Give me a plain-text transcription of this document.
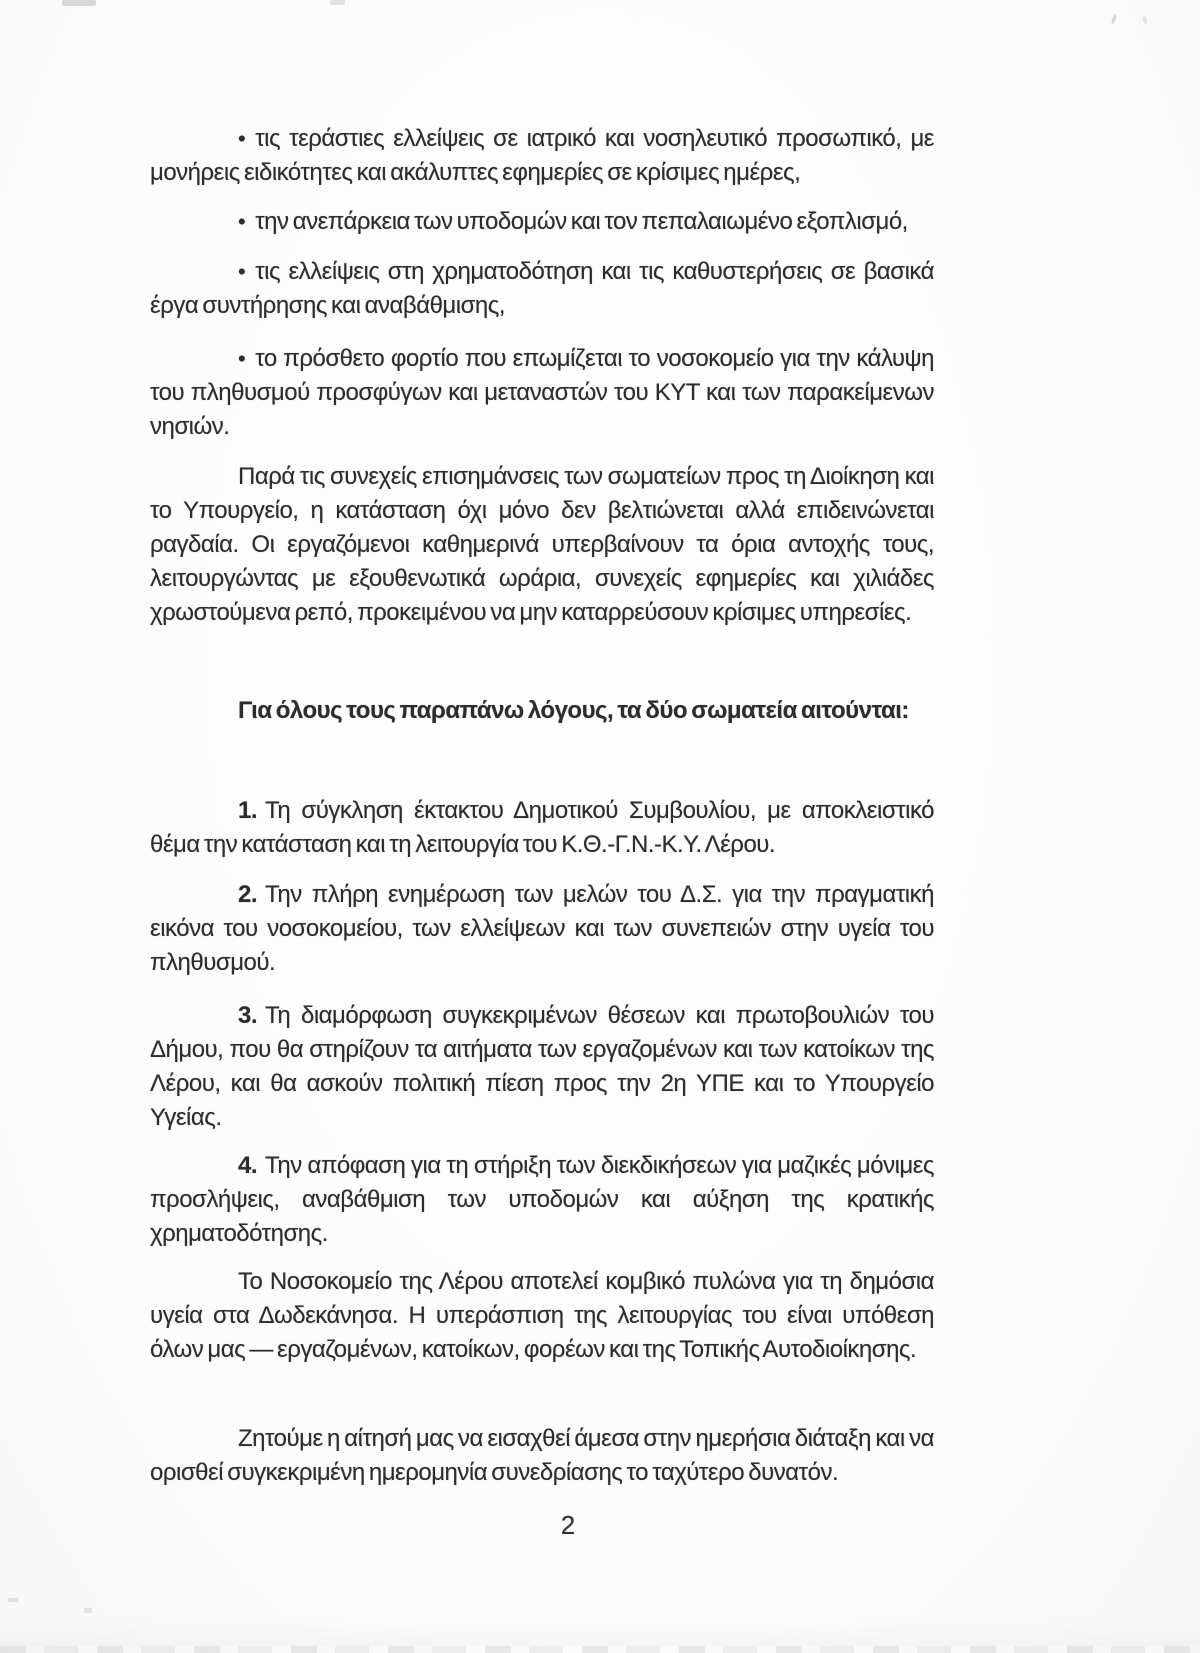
• τις τεράστιες ελλείψεις σε ιατρικό και νοσηλευτικό προσωπικό, με μονήρεις ειδικότητες και ακάλυπτες εφημερίες σε κρίσιμες ημέρες,

• την ανεπάρκεια των υποδομών και τον πεπαλαιωμένο εξοπλισμό,

• τις ελλείψεις στη χρηματοδότηση και τις καθυστερήσεις σε βασικά έργα συντήρησης και αναβάθμισης,

• το πρόσθετο φορτίο που επωμίζεται το νοσοκομείο για την κάλυψη του πληθυσμού προσφύγων και μεταναστών του ΚΥΤ και των παρακείμενων νησιών.

Παρά τις συνεχείς επισημάνσεις των σωματείων προς τη Διοίκηση και το Υπουργείο, η κατάσταση όχι μόνο δεν βελτιώνεται αλλά επιδεινώνεται ραγδαία. Οι εργαζόμενοι καθημερινά υπερβαίνουν τα όρια αντοχής τους, λειτουργώντας με εξουθενωτικά ωράρια, συνεχείς εφημερίες και χιλιάδες χρωστούμενα ρεπό, προκειμένου να μην καταρρεύσουν κρίσιμες υπηρεσίες.

Για όλους τους παραπάνω λόγους, τα δύο σωματεία αιτούνται:

1. Τη σύγκληση έκτακτου Δημοτικού Συμβουλίου, με αποκλειστικό θέμα την κατάσταση και τη λειτουργία του Κ.Θ.-Γ.Ν.-Κ.Υ. Λέρου.

2. Την πλήρη ενημέρωση των μελών του Δ.Σ. για την πραγματική εικόνα του νοσοκομείου, των ελλείψεων και των συνεπειών στην υγεία του πληθυσμού.

3. Τη διαμόρφωση συγκεκριμένων θέσεων και πρωτοβουλιών του Δήμου, που θα στηρίζουν τα αιτήματα των εργαζομένων και των κατοίκων της Λέρου, και θα ασκούν πολιτική πίεση προς την 2η ΥΠΕ και το Υπουργείο Υγείας.

4. Την απόφαση για τη στήριξη των διεκδικήσεων για μαζικές μόνιμες προσλήψεις, αναβάθμιση των υποδομών και αύξηση της κρατικής χρηματοδότησης.

Το Νοσοκομείο της Λέρου αποτελεί κομβικό πυλώνα για τη δημόσια υγεία στα Δωδεκάνησα. Η υπεράσπιση της λειτουργίας του είναι υπόθεση όλων μας — εργαζομένων, κατοίκων, φορέων και της Τοπικής Αυτοδιοίκησης.

Ζητούμε η αίτησή μας να εισαχθεί άμεσα στην ημερήσια διάταξη και να ορισθεί συγκεκριμένη ημερομηνία συνεδρίασης το ταχύτερο δυνατόν.

2
